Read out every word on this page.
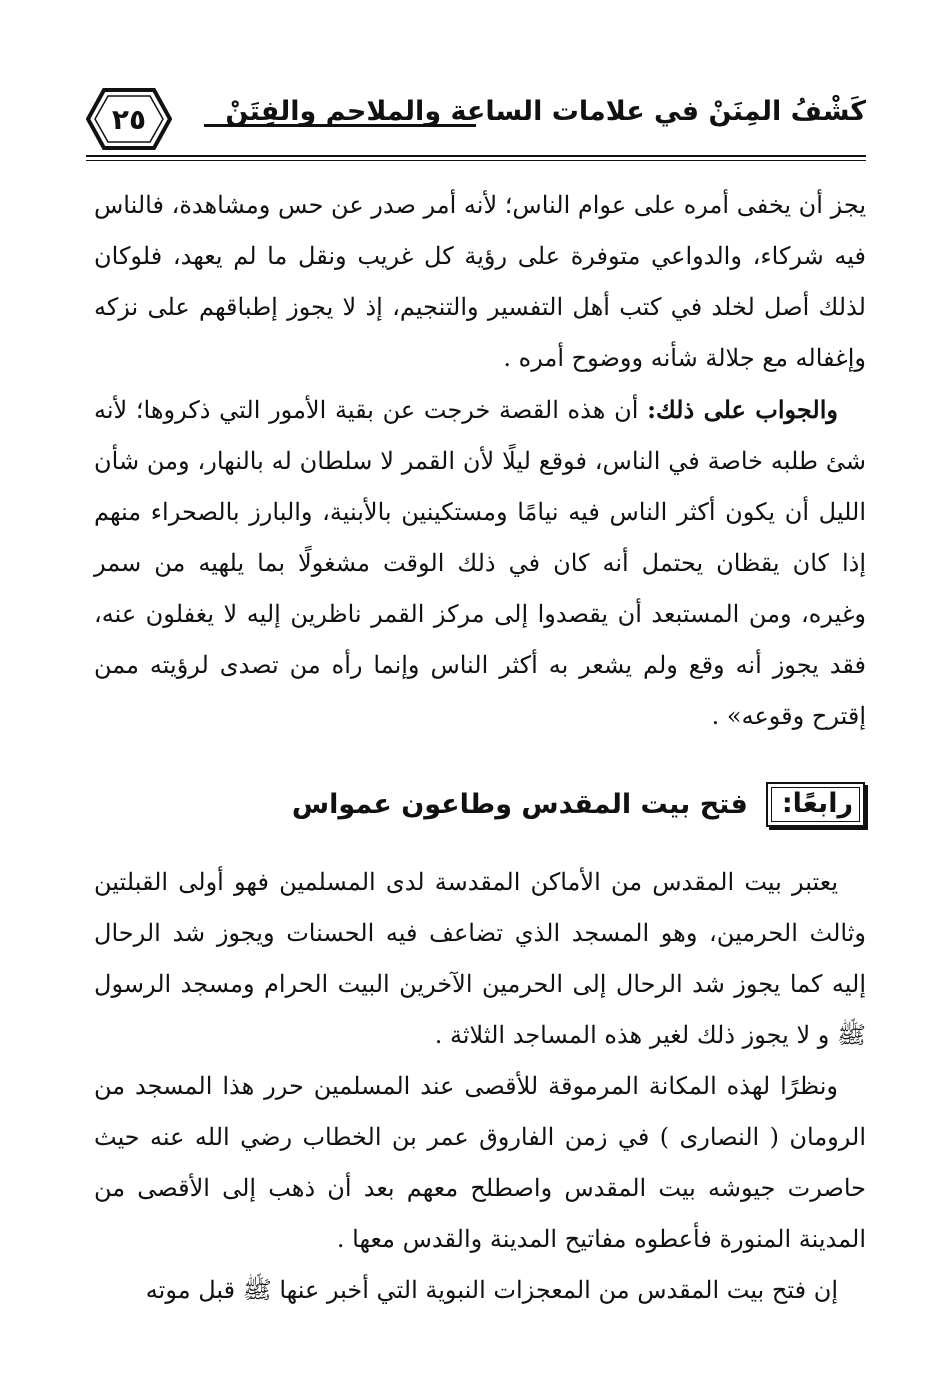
٢٥	كَشْفُ المِنَنْ في علامات الساعة والملاحم والفِتَنْ

يجز أن يخفى أمره على عوام الناس؛ لأنه أمر صدر عن حس ومشاهدة، فالناس فيه شركاء، والدواعي متوفرة على رؤية كل غريب ونقل ما لم يعهد، فلوكان لذلك أصل لخلد في كتب أهل التفسير والتنجيم، إذ لا يجوز إطباقهم على نزكه وإغفاله مع جلالة شأنه ووضوح أمره .

والجواب على ذلك: أن هذه القصة خرجت عن بقية الأمور التي ذكروها؛ لأنه شئ طلبه خاصة في الناس، فوقع ليلًا لأن القمر لا سلطان له بالنهار، ومن شأن الليل أن يكون أكثر الناس فيه نيامًا ومستكينين بالأبنية، والبارز بالصحراء منهم إذا كان يقظان يحتمل أنه كان في ذلك الوقت مشغولًا بما يلهيه من سمر وغيره، ومن المستبعد أن يقصدوا إلى مركز القمر ناظرين إليه لا يغفلون عنه، فقد يجوز أنه وقع ولم يشعر به أكثر الناس وإنما رأه من تصدى لرؤيته ممن إقترح وقوعه» .

رابعًا:
فتح بيت المقدس وطاعون عمواس

يعتبر بيت المقدس من الأماكن المقدسة لدى المسلمين فهو أولى القبلتين وثالث الحرمين، وهو المسجد الذي تضاعف فيه الحسنات ويجوز شد الرحال إليه كما يجوز شد الرحال إلى الحرمين الآخرين البيت الحرام ومسجد الرسول ﷺ و لا يجوز ذلك لغير هذه المساجد الثلاثة .

ونظرًا لهذه المكانة المرموقة للأقصى عند المسلمين حرر هذا المسجد من الرومان ( النصارى ) في زمن الفاروق عمر بن الخطاب رضي الله عنه حيث حاصرت جيوشه بيت المقدس واصطلح معهم بعد أن ذهب إلى الأقصى من المدينة المنورة فأعطوه مفاتيح المدينة والقدس معها .

إن فتح بيت المقدس من المعجزات النبوية التي أخبر عنها ﷺ قبل موته
